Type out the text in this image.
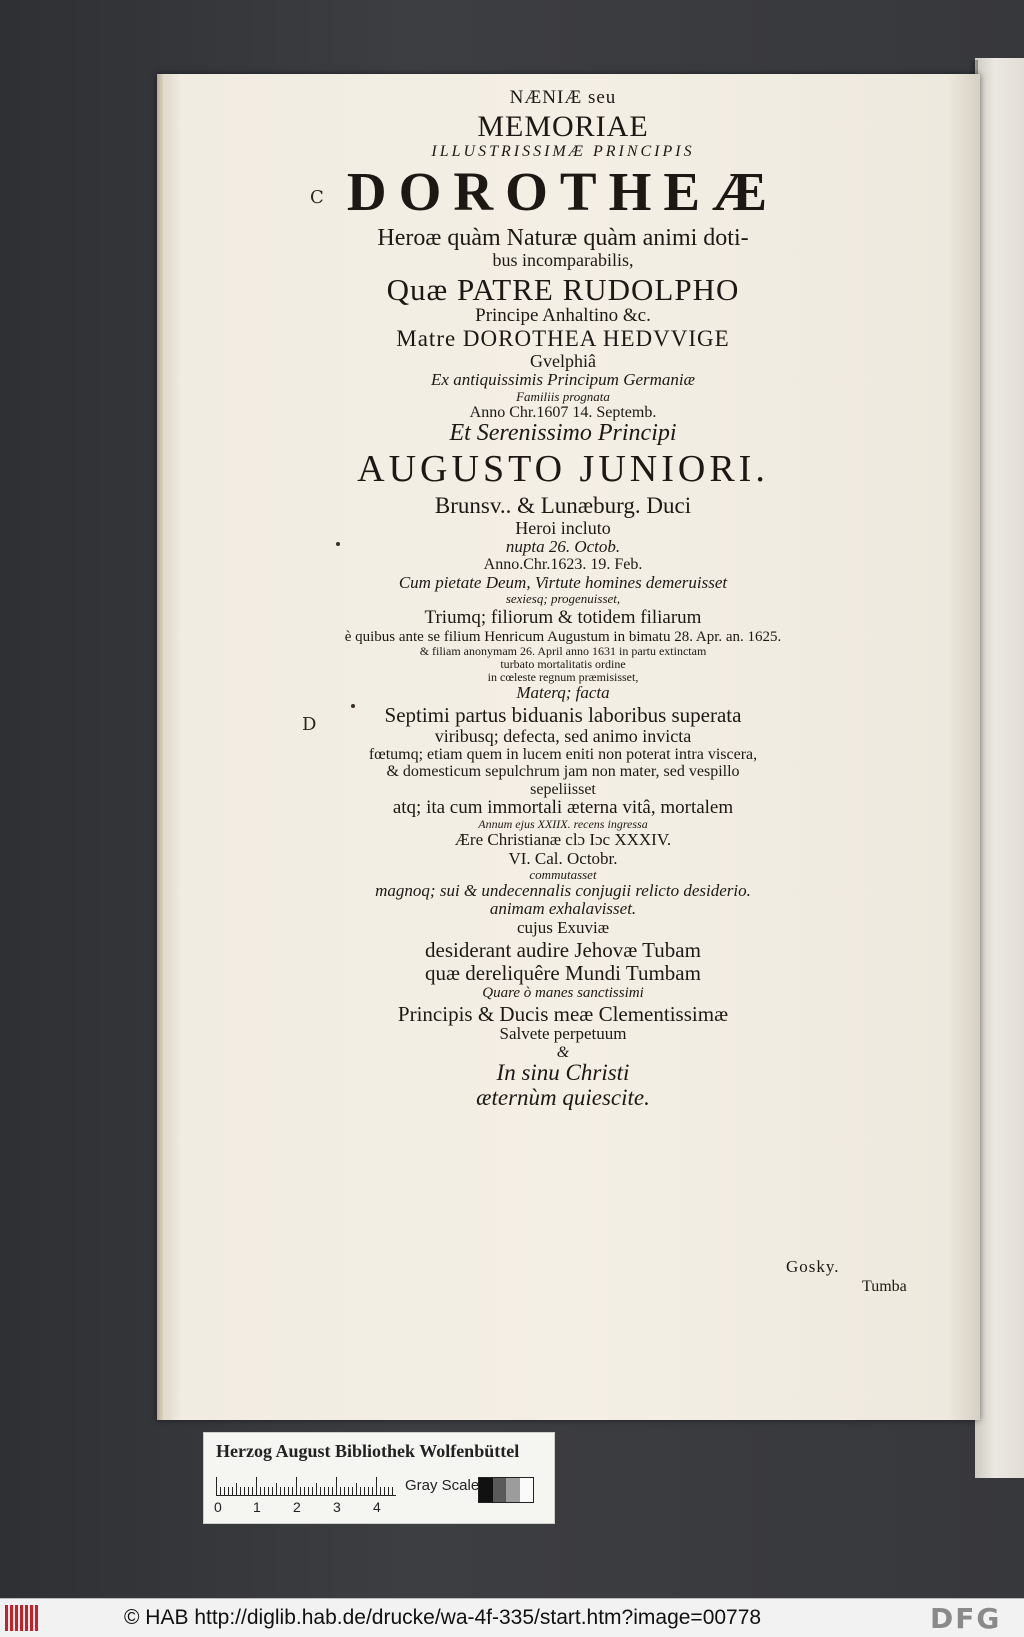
C
D
NÆNIÆ seu
MEMORIAE
ILLUSTRISSIMÆ PRINCIPIS
DOROTHEÆ
Heroæ quàm Naturæ quàm animi doti-
bus incomparabilis,
Quæ PATRE RUDOLPHO
Principe Anhaltino &c.
Matre DOROTHEA HEDVVIGE
Gvelphiâ
Ex antiquissimis Principum Germaniæ
Familiis prognata
Anno Chr.1607 14. Septemb.
Et Serenissimo Principi
AUGUSTO JUNIORI.
Brunsv.. & Lunæburg. Duci
Heroi incluto
nupta 26. Octob.
Anno.Chr.1623. 19. Feb.
Cum pietate Deum, Virtute homines demeruisset
sexiesq; progenuisset,
Triumq; filiorum & totidem filiarum
è quibus ante se filium Henricum Augustum in bimatu 28. Apr. an. 1625.
& filiam anonymam 26. April anno 1631 in partu extinctam
turbato mortalitatis ordine
in cœleste regnum præmisisset,
Materq; facta
Septimi partus biduanis laboribus superata
viribusq; defecta, sed animo invicta
fœtumq; etiam quem in lucem eniti non poterat intra viscera,
& domesticum sepulchrum jam non mater, sed vespillo
sepeliisset
atq; ita cum immortali æterna vitâ, mortalem
Annum ejus XXIIX. recens ingressa
Ære Christianæ clɔ Iɔc XXXIV.
VI. Cal. Octobr.
commutasset
magnoq; sui & undecennalis conjugii relicto desiderio.
animam exhalavisset.
cujus Exuviæ
desiderant audire Jehovæ Tubam
quæ dereliquêre Mundi Tumbam
Quare ò manes sanctissimi
Principis & Ducis meæ Clementissimæ
Salvete perpetuum
&
In sinu Christi
æternùm quiescite.
Gosky.
Tumba
Herzog August Bibliothek Wolfenbüttel
0 1 2 3 4
Gray Scale
© HAB http://diglib.hab.de/drucke/wa-4f-335/start.htm?image=00778	DFG
